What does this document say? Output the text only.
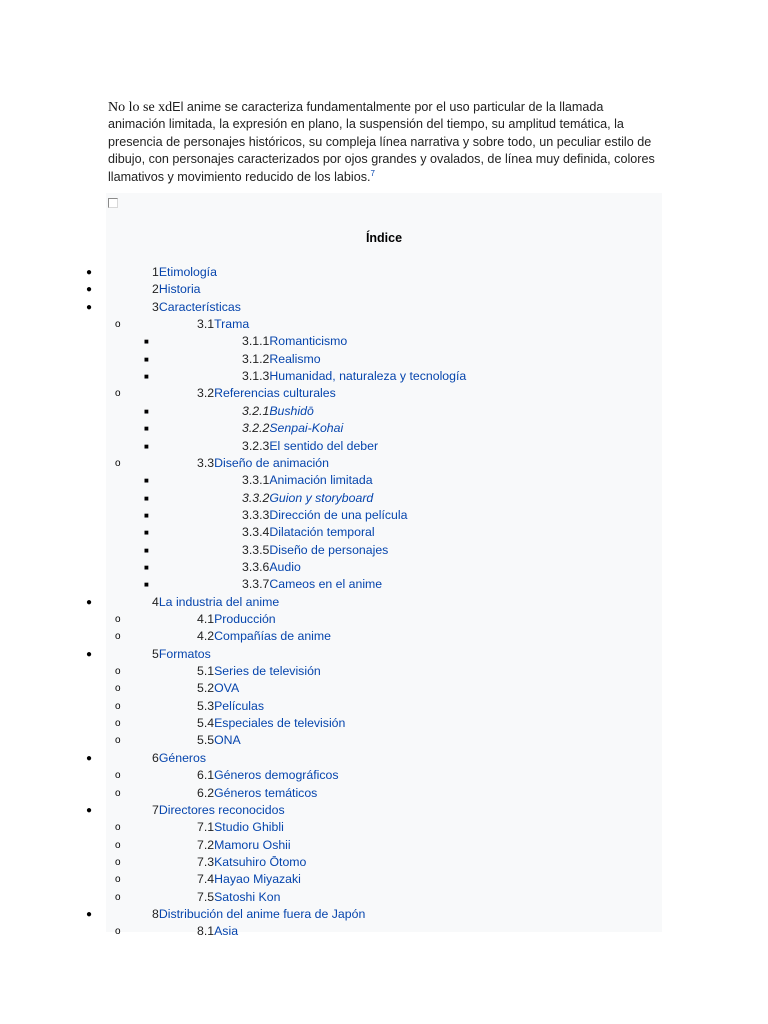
No lo se xdEl anime se caracteriza fundamentalmente por el uso particular de la llamada animación limitada, la expresión en plano, la suspensión del tiempo, su amplitud temática, la presencia de personajes históricos, su compleja línea narrativa y sobre todo, un peculiar estilo de dibujo, con personajes caracterizados por ojos grandes y ovalados, de línea muy definida, colores llamativos y movimiento reducido de los labios.$^7$
Índice
●	1Etimología
●	2Historia
●	3Características
o	3.1Trama
■	3.1.1Romanticismo
■	3.1.2Realismo
■	3.1.3Humanidad, naturaleza y tecnología
o	3.2Referencias culturales
■	3.2.1Bushidō
■	3.2.2Senpai-Kohai
■	3.2.3El sentido del deber
o	3.3Diseño de animación
■	3.3.1Animación limitada
■	3.3.2Guion y storyboard
■	3.3.3Dirección de una película
■	3.3.4Dilatación temporal
■	3.3.5Diseño de personajes
■	3.3.6Audio
■	3.3.7Cameos en el anime
●	4La industria del anime
o	4.1Producción
o	4.2Compañías de anime
●	5Formatos
o	5.1Series de televisión
o	5.2OVA
o	5.3Películas
o	5.4Especiales de televisión
o	5.5ONA
●	6Géneros
o	6.1Géneros demográficos
o	6.2Géneros temáticos
●	7Directores reconocidos
o	7.1Studio Ghibli
o	7.2Mamoru Oshii
o	7.3Katsuhiro Ōtomo
o	7.4Hayao Miyazaki
o	7.5Satoshi Kon
●	8Distribución del anime fuera de Japón
o	8.1Asia
